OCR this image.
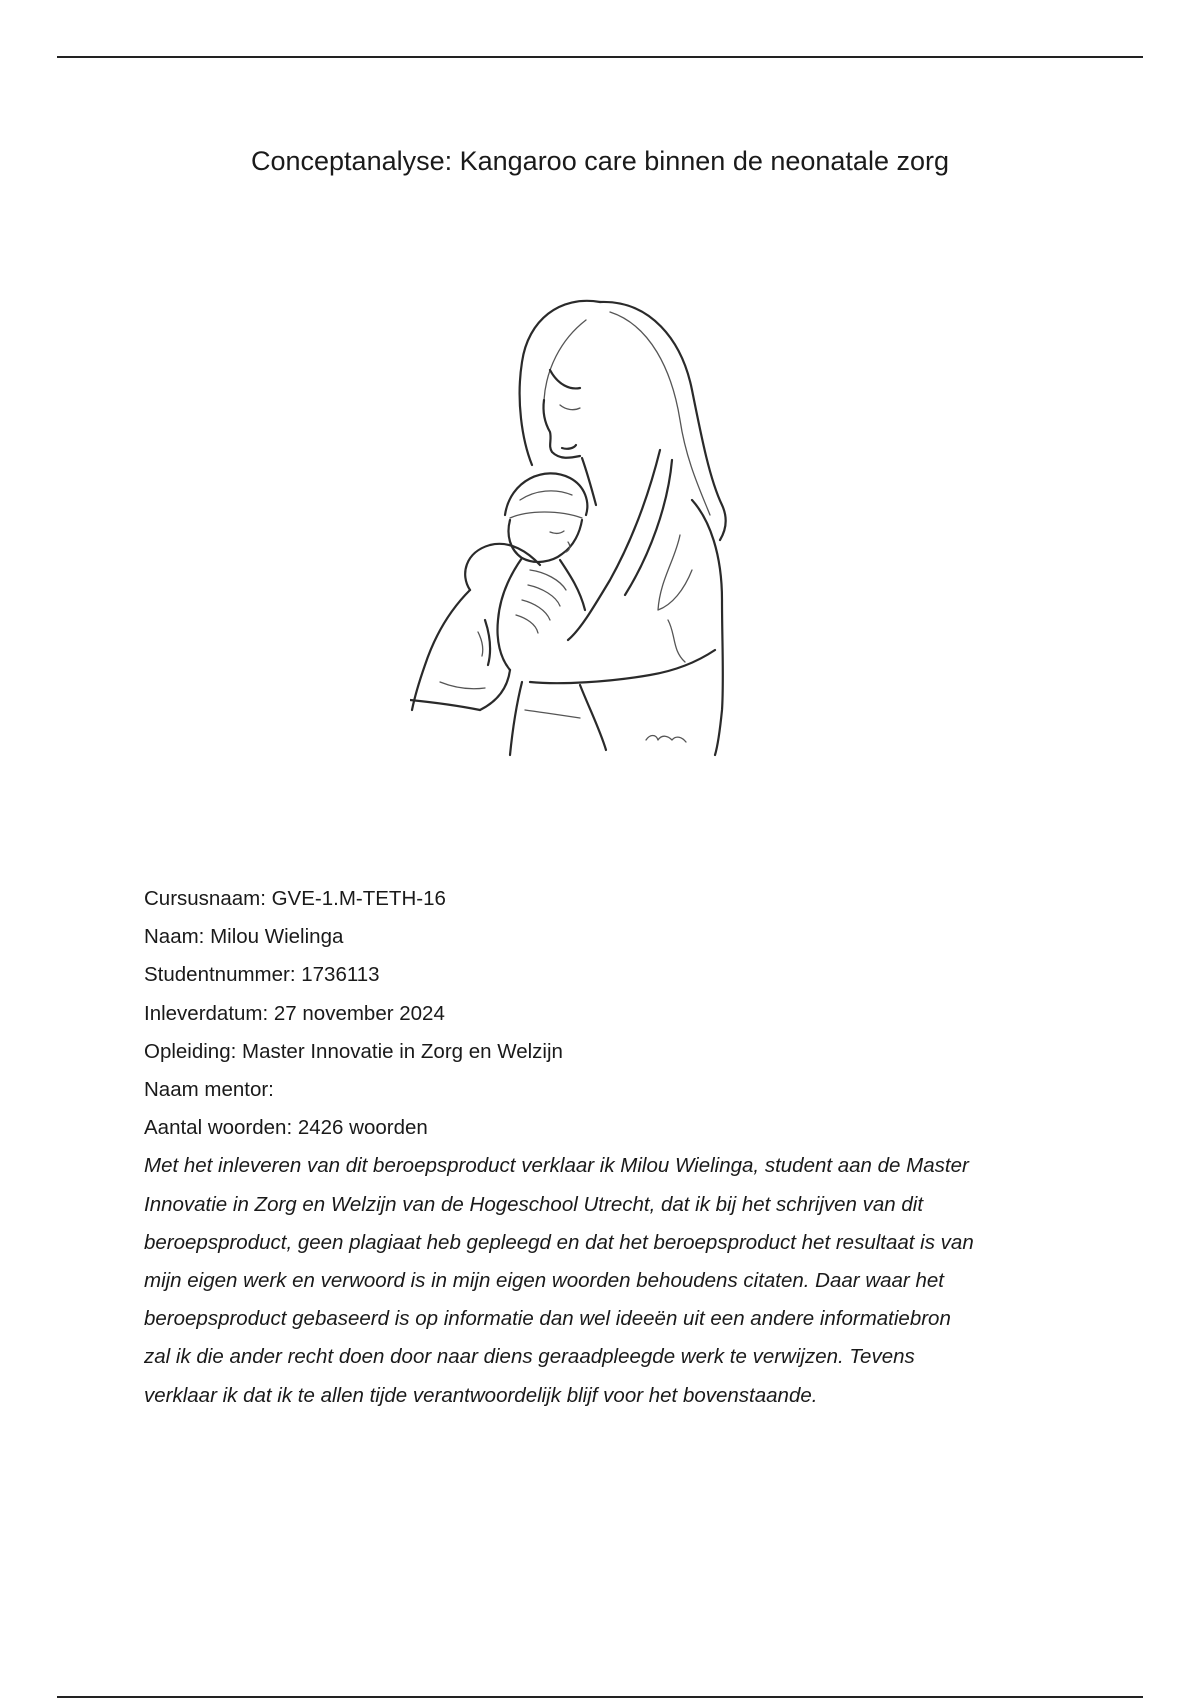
Conceptanalyse: Kangaroo care binnen de neonatale zorg

Cursusnaam: GVE-1.M-TETH-16

Naam: Milou Wielinga

Studentnummer: 1736113

Inleverdatum: 27 november 2024

Opleiding: Master Innovatie in Zorg en Welzijn

Naam mentor:

Aantal woorden: 2426 woorden

Met het inleveren van dit beroepsproduct verklaar ik Milou Wielinga, student aan de Master Innovatie in Zorg en Welzijn van de Hogeschool Utrecht, dat ik bij het schrijven van dit beroepsproduct, geen plagiaat heb gepleegd en dat het beroepsproduct het resultaat is van mijn eigen werk en verwoord is in mijn eigen woorden behoudens citaten. Daar waar het beroepsproduct gebaseerd is op informatie dan wel ideeën uit een andere informatiebron zal ik die ander recht doen door naar diens geraadpleegde werk te verwijzen. Tevens verklaar ik dat ik te allen tijde verantwoordelijk blijf voor het bovenstaande.
